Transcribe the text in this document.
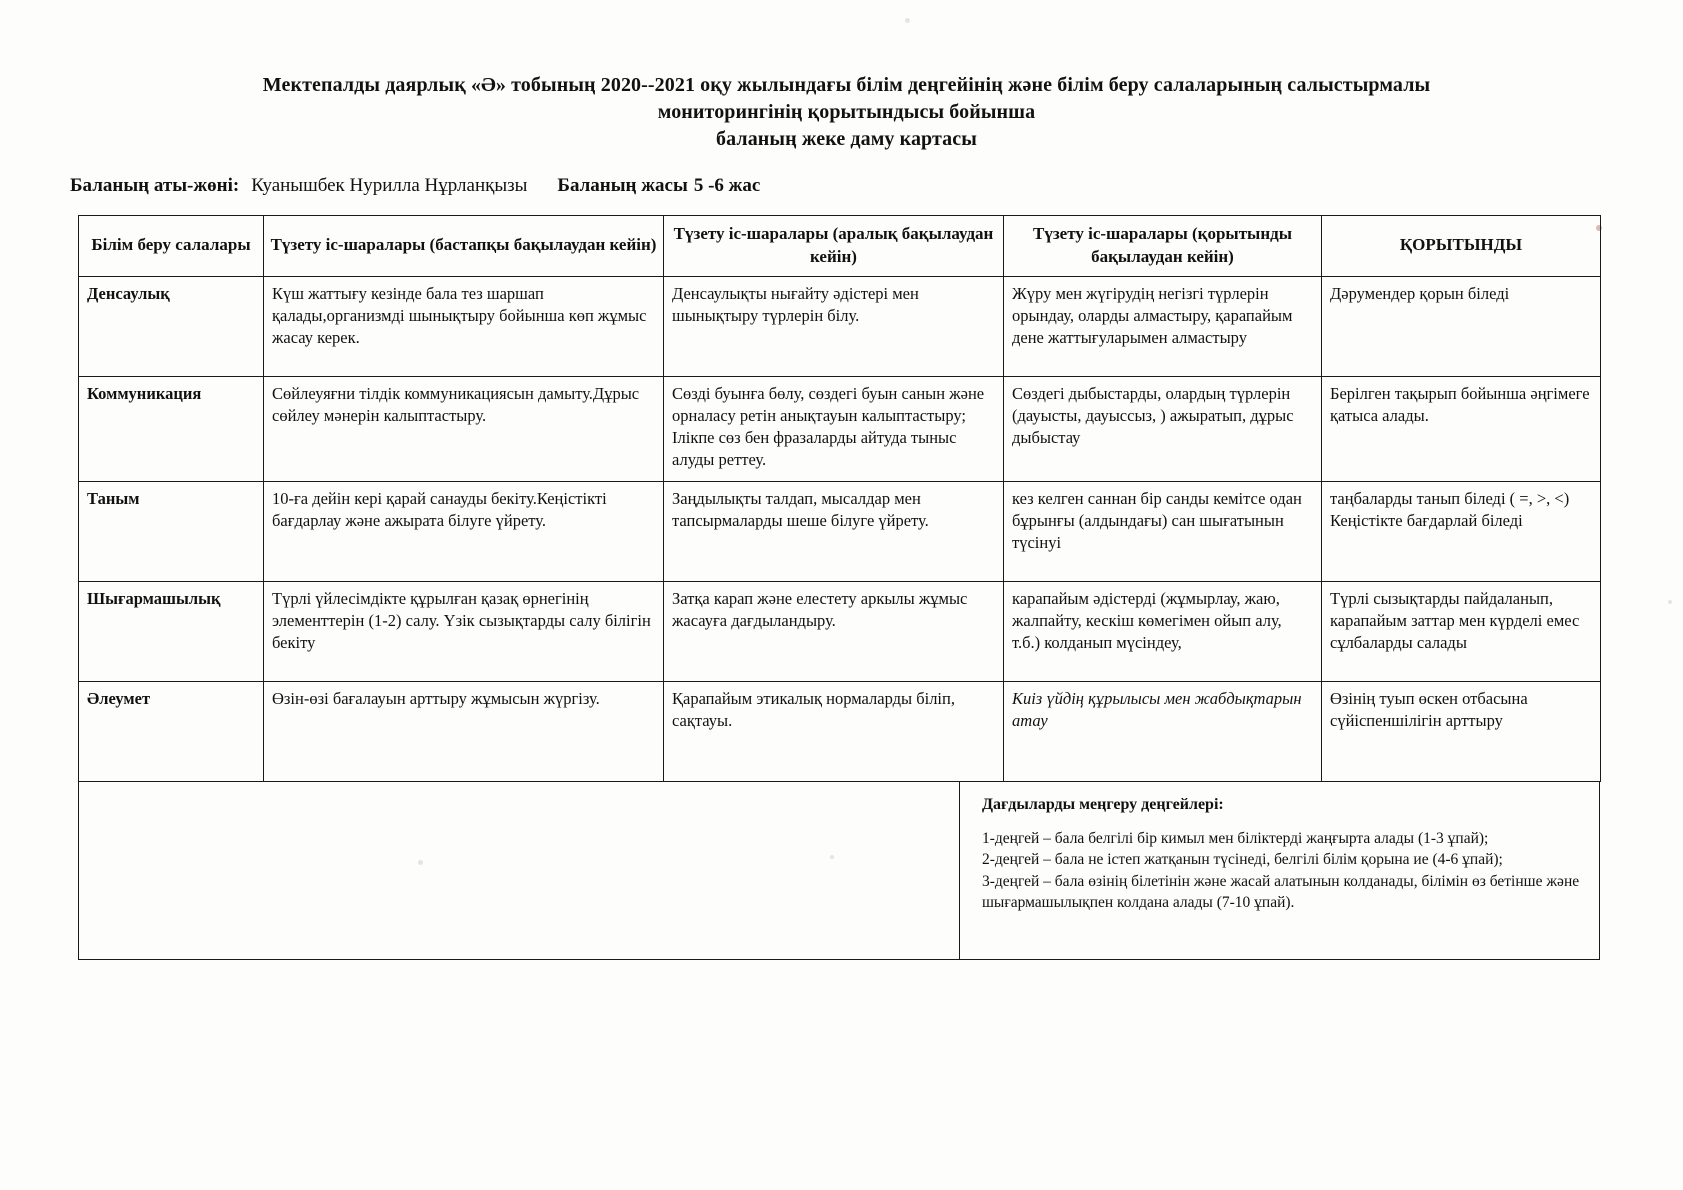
Мектепалды даярлық «Ә» тобының 2020--2021 оқу жылындағы білім деңгейінің және білім беру салаларының салыстырмалы
мониторингінің қорытындысы бойынша
баланың жеке даму картасы
Баланың аты-жөні: Куанышбек Нурилла Нұрланқызы	Баланың жасы 5 -6 жас
Білім беру салалары	Түзету іс-шаралары (бастапқы бақылаудан кейін)	Түзету іс-шаралары (аралық бақылаудан кейін)	Түзету іс-шаралары (қорытынды бақылаудан кейін)	ҚОРЫТЫНДЫ
Денсаулық	Күш жаттығу кезінде бала тез шаршап қалады,организмді шынықтыру бойынша көп жұмыс жасау керек.	Денсаулықты нығайту әдістері мен шынықтыру түрлерін білу.	Жүру мен жүгірудің негізгі түрлерін орындау, оларды алмастыру, қарапайым дене жаттығуларымен алмастыру	Дәрумендер қорын біледі
Коммуникация	Сөйлеуяғни тілдік коммуникациясын дамыту.Дұрыс сөйлеу мәнерін калыптастыру.	Сөзді буынға бөлу, сөздегі буын санын және орналасу ретін анықтауын калыптастыру; Ілікпе сөз бен фразаларды айтуда тыныс алуды реттеу.	Сөздегі дыбыстарды, олардың түрлерін (дауысты, дауыссыз, ) ажыратып, дұрыс дыбыстау	Берілген тақырып бойынша әңгімеге қатыса алады.
Таным	10-ға дейін кері қарай санауды бекіту.Кеңістікті бағдарлау және ажырата білуге үйрету.	Заңдылықты талдап, мысалдар мен тапсырмаларды шеше білуге үйрету.	кез келген саннан бір санды кемітсе одан бұрынғы (алдындағы) сан шығатынын түсінуі	таңбаларды танып біледі ( =, >, <) Кеңістікте бағдарлай біледі
Шығармашылық	Түрлі үйлесімдікте құрылған қазақ өрнегінің элементтерін (1-2) салу. Үзік сызықтарды салу білігін бекіту	Затқа карап және елестету аркылы жұмыс жасауға дағдыландыру.	карапайым әдістерді (жұмырлау, жаю, жалпайту, кескіш көмегімен ойып алу, т.б.) колданып мүсіндеу,	Түрлі сызықтарды пайдаланып, карапайым заттар мен күрделі емес сұлбаларды салады
Әлеумет	Өзін-өзі бағалауын арттыру жұмысын жүргізу.	Қарапайым этикалық нормаларды біліп, сақтауы.	Киіз үйдің құрылысы мен жабдықтарын атау	Өзінің туып өскен отбасына сүйіспеншілігін арттыру
Дағдыларды меңгеру деңгейлері:
1-деңгей – бала белгілі бір кимыл мен біліктерді жаңғырта алады (1-3 ұпай);
2-деңгей – бала не істеп жатқанын түсінеді, белгілі білім қорына ие (4-6 ұпай);
3-деңгей – бала өзінің білетінін және жасай алатынын колданады, білімін өз бетінше және шығармашылықпен колдана алады (7-10 ұпай).
